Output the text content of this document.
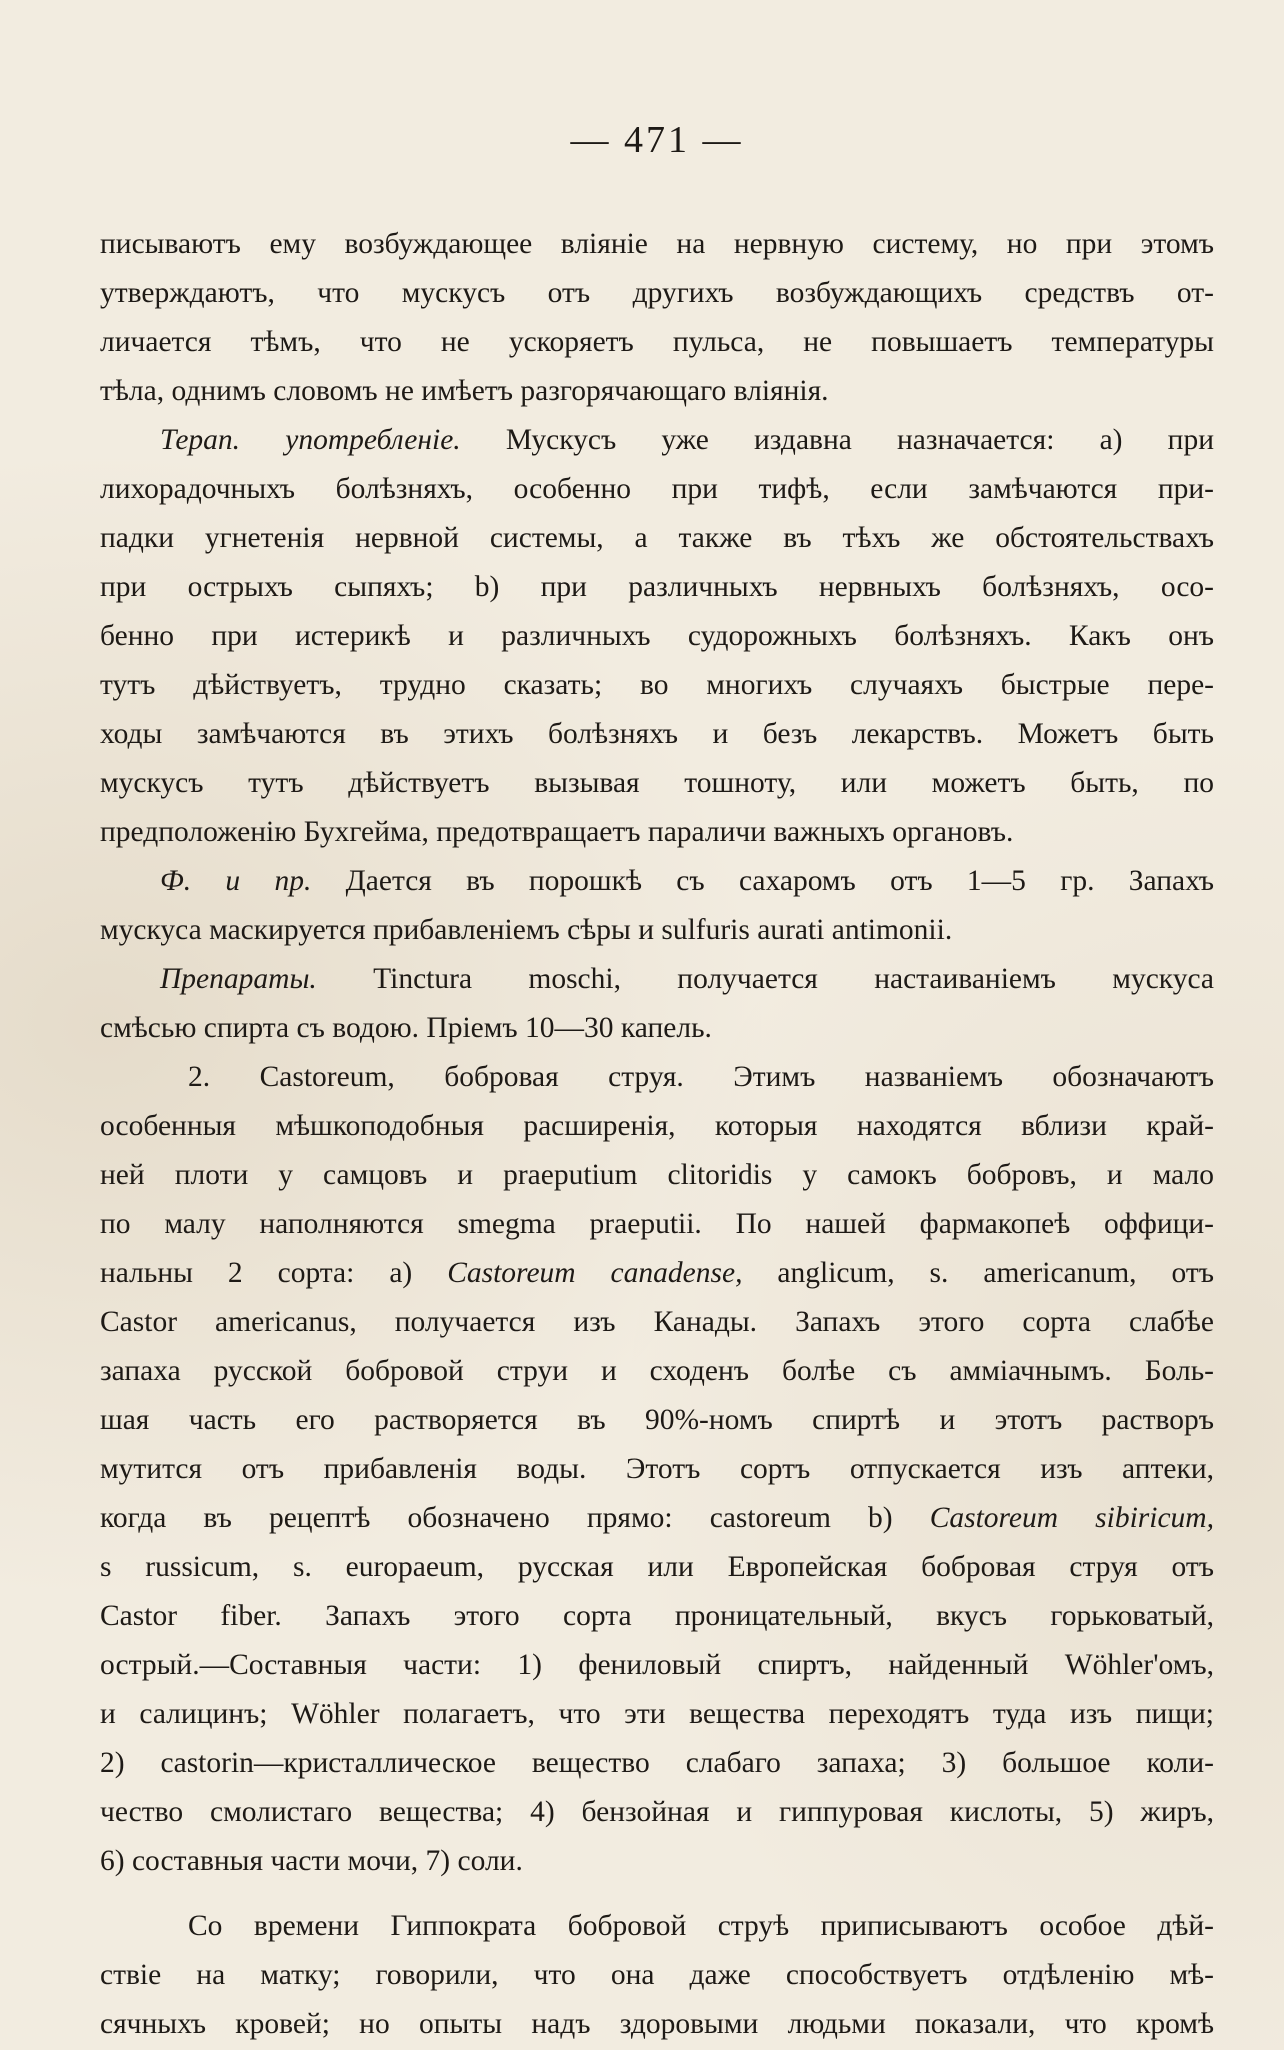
— 471 —

писываютъ ему возбуждающее вліяніе на нервную систему, но при этомъ
утверждаютъ, что мускусъ отъ другихъ возбуждающихъ средствъ от-
личается тѣмъ, что не ускоряетъ пульса, не повышаетъ температуры
тѣла, однимъ словомъ не имѣетъ разгорячающаго вліянія.

Терап. употребленіе. Мускусъ уже издавна назначается: а) при
лихорадочныхъ болѣзняхъ, особенно при тифѣ, если замѣчаются при-
падки угнетенія нервной системы, а также въ тѣхъ же обстоятельствахъ
при острыхъ сыпяхъ; b) при различныхъ нервныхъ болѣзняхъ, осо-
бенно при истерикѣ и различныхъ судорожныхъ болѣзняхъ. Какъ онъ
тутъ дѣйствуетъ, трудно сказать; во многихъ случаяхъ быстрые пере-
ходы замѣчаются въ этихъ болѣзняхъ и безъ лекарствъ. Можетъ быть
мускусъ тутъ дѣйствуетъ вызывая тошноту, или можетъ быть, по
предположенію Бухгейма, предотвращаетъ параличи важныхъ органовъ.

Ф. и пр. Дается въ порошкѣ съ сахаромъ отъ 1—5 гр. Запахъ
мускуса маскируется прибавленіемъ сѣры и sulfuris aurati antimonii.

Препараты. Tinctura moschi, получается настаиваніемъ мускуса
смѣсью спирта съ водою. Пріемъ 10—30 капель.

2. Castoreum, бобровая струя. Этимъ названіемъ обозначаютъ
особенныя мѣшкоподобныя расширенія, которыя находятся вблизи край-
ней плоти у самцовъ и praeputium clitoridis у самокъ бобровъ, и мало
по малу наполняются smegma praeputii. По нашей фармакопеѣ оффици-
нальны 2 сорта: а) Castoreum canadense, anglicum, s. americanum, отъ
Castor americanus, получается изъ Канады. Запахъ этого сорта слабѣе
запаха русской бобровой струи и сходенъ болѣе съ амміачнымъ. Боль-
шая часть его растворяется въ 90%-номъ спиртѣ и этотъ растворъ
мутится отъ прибавленія воды. Этотъ сортъ отпускается изъ аптеки,
когда въ рецептѣ обозначено прямо: castoreum b) Castoreum sibiricum,
s russicum, s. europaeum, русская или Европейская бобровая струя отъ
Castor fiber. Запахъ этого сорта проницательный, вкусъ горьковатый,
острый.—Составныя части: 1) фениловый спиртъ, найденный Wöhler'омъ,
и салицинъ; Wöhler полагаетъ, что эти вещества переходятъ туда изъ пищи;
2) castorin—кристаллическое вещество слабаго запаха; 3) большое коли-
чество смолистаго вещества; 4) бензойная и гиппуровая кислоты, 5) жиръ,
6) составныя части мочи, 7) соли.

Со времени Гиппократа бобровой струѣ приписываютъ особое дѣй-
ствіе на матку; говорили, что она даже способствуетъ отдѣленію мѣ-
сячныхъ кровей; но опыты надъ здоровыми людьми показали, что кромѣ
